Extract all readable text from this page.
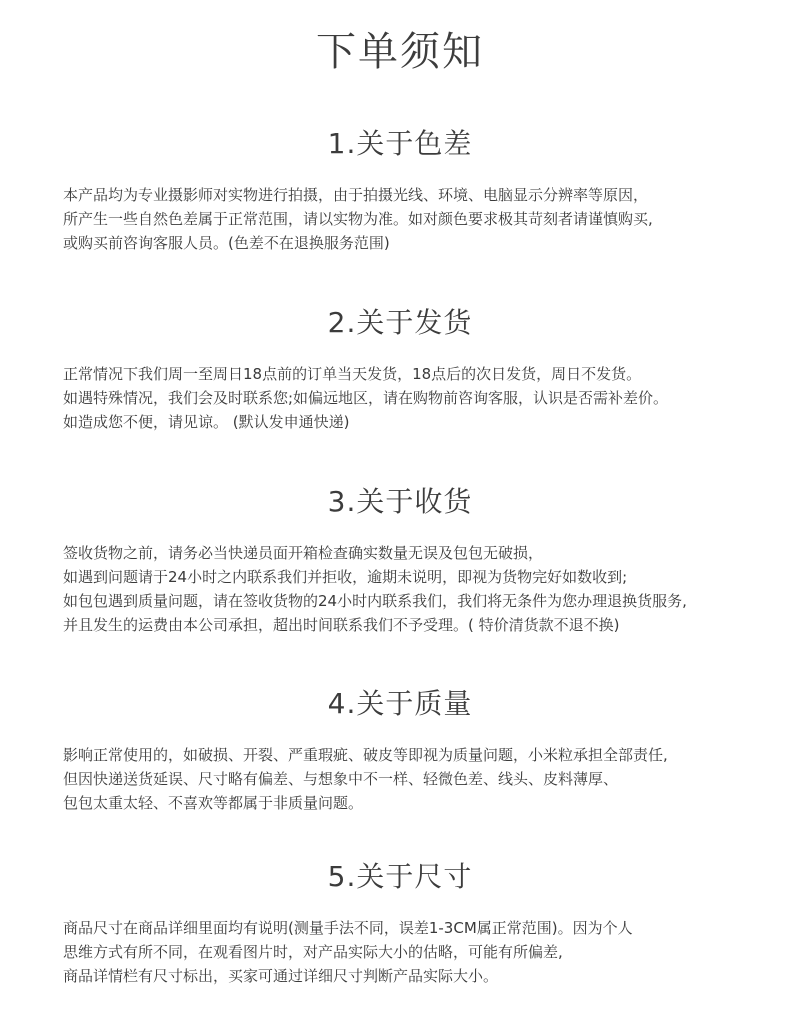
下单须知
1.关于色差

本产品均为专业摄影师对实物进行拍摄，由于拍摄光线、环境、电脑显示分辨率等原因，
所产生一些自然色差属于正常范围，请以实物为准。如对颜色要求极其苛刻者请谨慎购买,
或购买前咨询客服人员。(色差不在退换服务范围)

2.关于发货

正常情况下我们周一至周日18点前的订单当天发货，18点后的次日发货，周日不发货。
如遇特殊情况，我们会及时联系您;如偏远地区，请在购物前咨询客服，认识是否需补差价。
如造成您不便，请见谅。 (默认发申通快递)

3.关于收货

签收货物之前，请务必当快递员面开箱检查确实数量无误及包包无破损，
如遇到问题请于24小时之内联系我们并拒收，逾期未说明，即视为货物完好如数收到;
如包包遇到质量问题，请在签收货物的24小时内联系我们，我们将无条件为您办理退换货服务,
并且发生的运费由本公司承担，超出时间联系我们不予受理。( 特价清货款不退不换)

4.关于质量

影响正常使用的，如破损、开裂、严重瑕疵、破皮等即视为质量问题，小米粒承担全部责任,
但因快递送货延误、尺寸略有偏差、与想象中不一样、轻微色差、线头、皮料薄厚、
包包太重太轻、不喜欢等都属于非质量问题。

5.关于尺寸

商品尺寸在商品详细里面均有说明(测量手法不同，误差1-3CM属正常范围)。因为个人
思维方式有所不同，在观看图片时，对产品实际大小的估略，可能有所偏差,
商品详情栏有尺寸标出，买家可通过详细尺寸判断产品实际大小。
